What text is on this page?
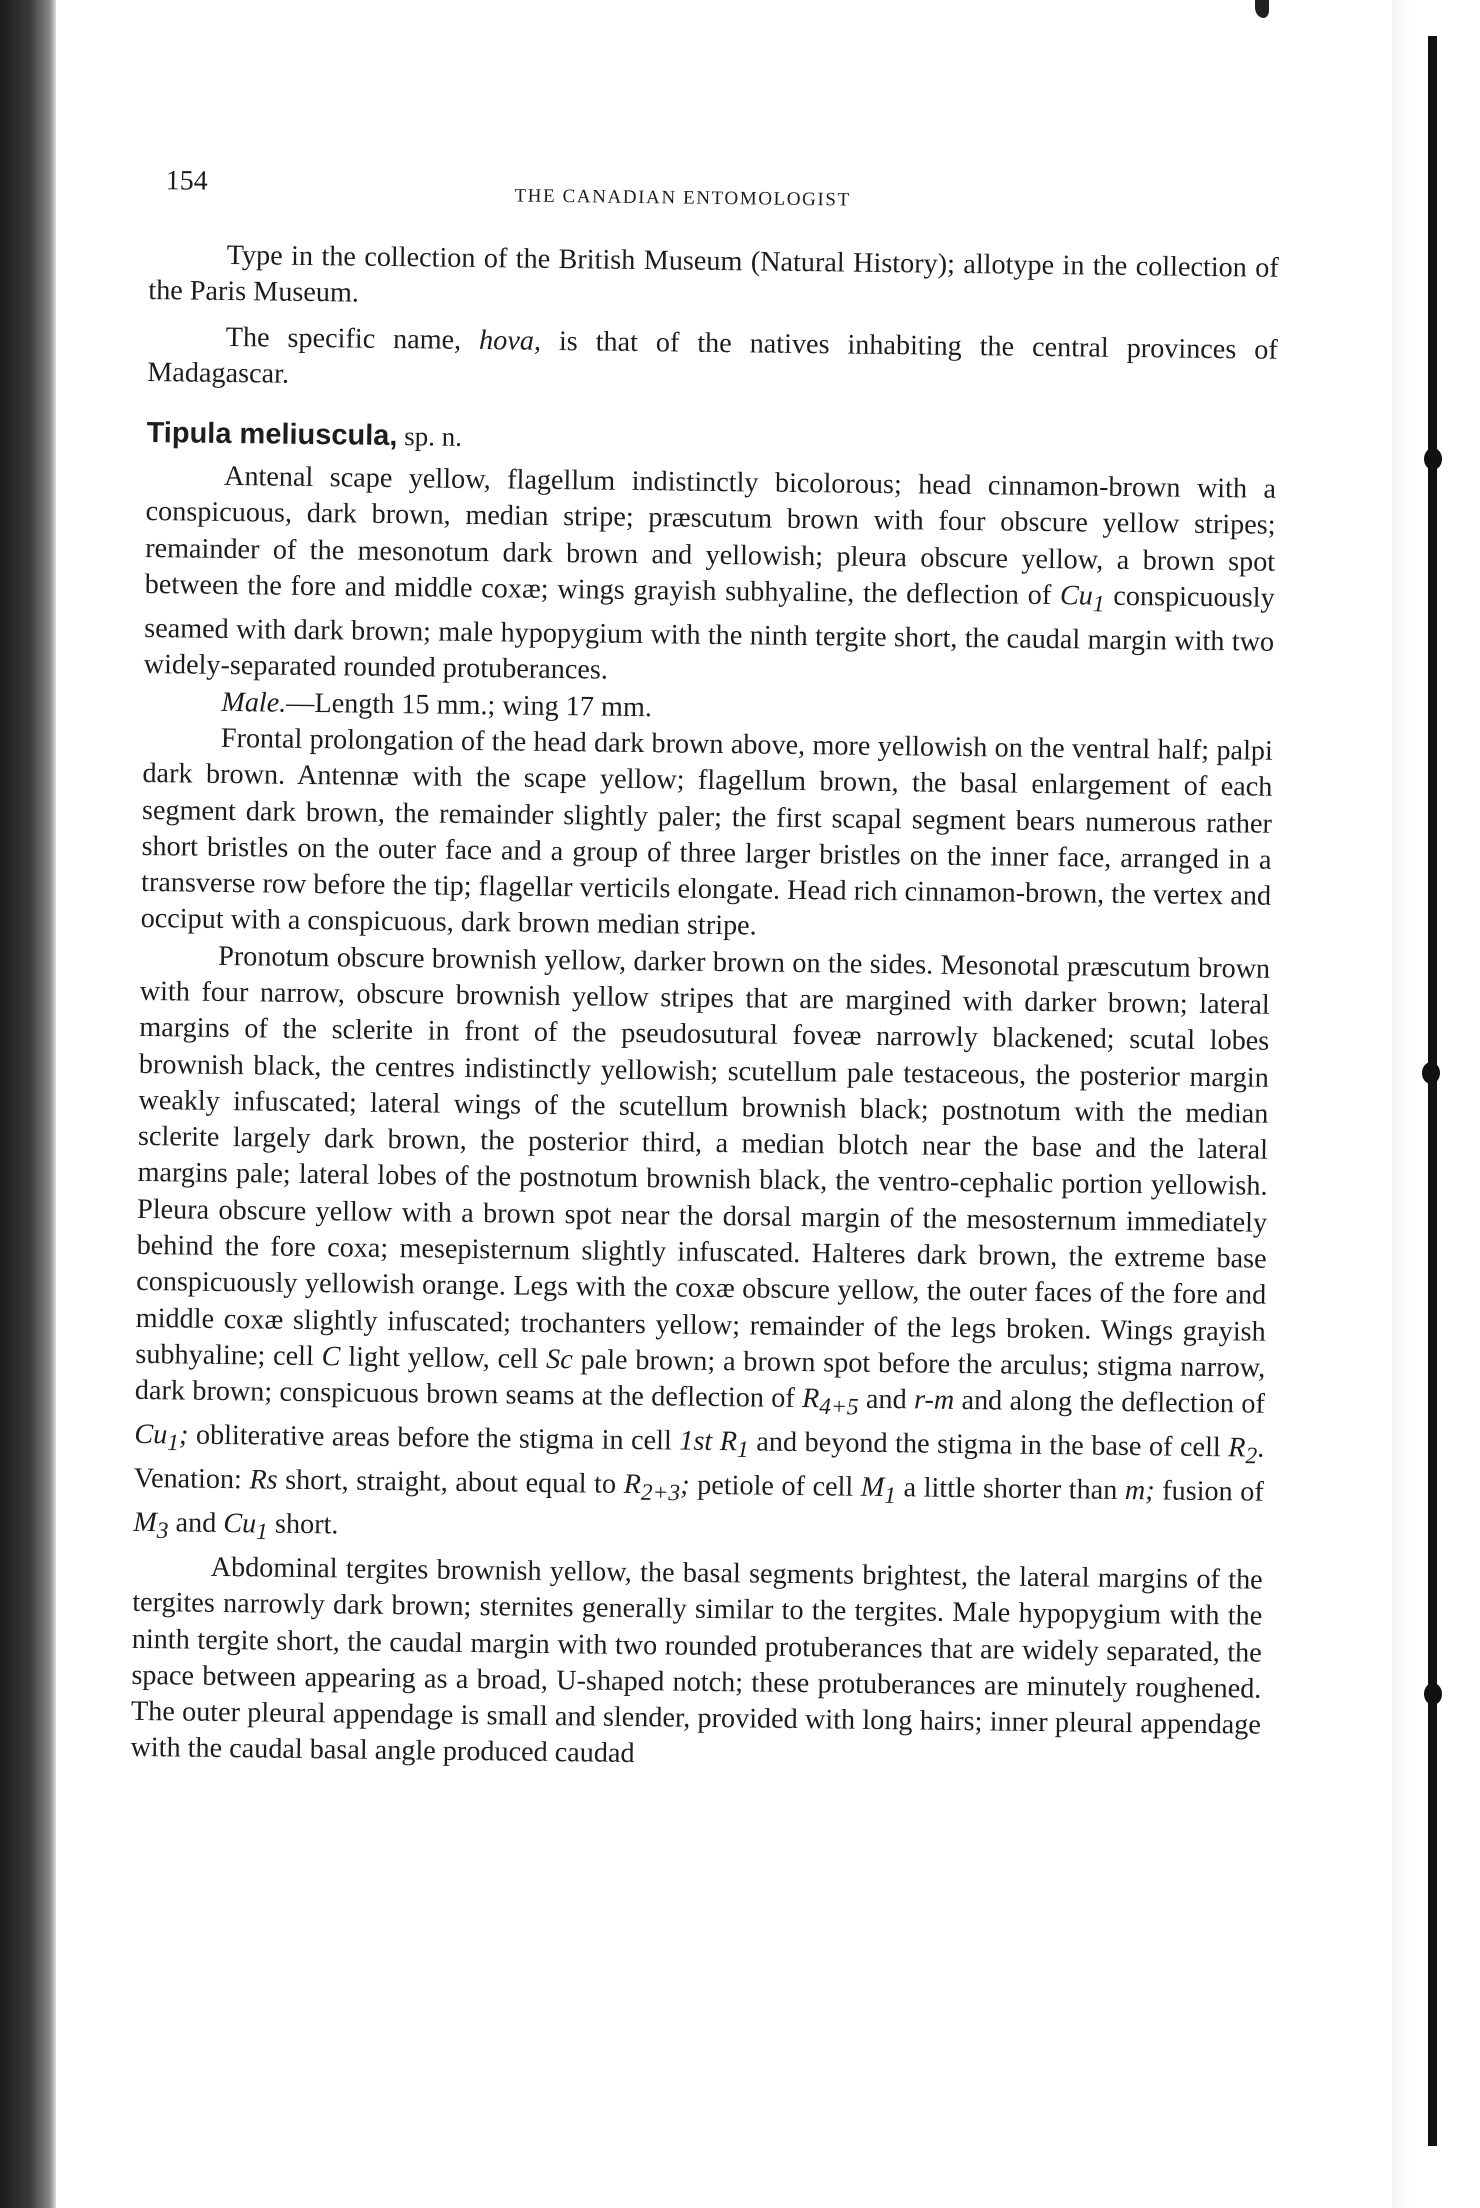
154
THE CANADIAN ENTOMOLOGIST

Type in the collection of the British Museum (Natural History); allotype in the collection of the Paris Museum.

The specific name, hova, is that of the natives inhabiting the central provinces of Madagascar.

Tipula meliuscula, sp. n.

Antenal scape yellow, flagellum indistinctly bicolorous; head cinnamon-brown with a conspicuous, dark brown, median stripe; præscutum brown with four obscure yellow stripes; remainder of the mesonotum dark brown and yellowish; pleura obscure yellow, a brown spot between the fore and middle coxæ; wings grayish subhyaline, the deflection of $Cu_1$ conspicuously seamed with dark brown; male hypopygium with the ninth tergite short, the caudal margin with two widely-separated rounded protuberances.

Male.—Length 15 mm.; wing 17 mm.

Frontal prolongation of the head dark brown above, more yellowish on the ventral half; palpi dark brown. Antennæ with the scape yellow; flagellum brown, the basal enlargement of each segment dark brown, the remainder slightly paler; the first scapal segment bears numerous rather short bristles on the outer face and a group of three larger bristles on the inner face, arranged in a transverse row before the tip; flagellar verticils elongate. Head rich cinnamon-brown, the vertex and occiput with a conspicuous, dark brown median stripe.

Pronotum obscure brownish yellow, darker brown on the sides. Mesonotal præscutum brown with four narrow, obscure brownish yellow stripes that are margined with darker brown; lateral margins of the sclerite in front of the pseudosutural foveæ narrowly blackened; scutal lobes brownish black, the centres indistinctly yellowish; scutellum pale testaceous, the posterior margin weakly infuscated; lateral wings of the scutellum brownish black; postnotum with the median sclerite largely dark brown, the posterior third, a median blotch near the base and the lateral margins pale; lateral lobes of the postnotum brownish black, the ventro-cephalic portion yellowish. Pleura obscure yellow with a brown spot near the dorsal margin of the mesosternum immediately behind the fore coxa; mesepisternum slightly infuscated. Halteres dark brown, the extreme base conspicuously yellowish orange. Legs with the coxæ obscure yellow, the outer faces of the fore and middle coxæ slightly infuscated; trochanters yellow; remainder of the legs broken. Wings grayish subhyaline; cell C light yellow, cell Sc pale brown; a brown spot before the arculus; stigma narrow, dark brown; conspicuous brown seams at the deflection of $R_{4+5}$ and r-m and along the deflection of $Cu_1$; obliterative areas before the stigma in cell 1st $R_1$ and beyond the stigma in the base of cell $R_2$. Venation: Rs short, straight, about equal to $R_{2+3}$; petiole of cell $M_1$ a little shorter than m; fusion of $M_3$ and $Cu_1$ short.

Abdominal tergites brownish yellow, the basal segments brightest, the lateral margins of the tergites narrowly dark brown; sternites generally similar to the tergites. Male hypopygium with the ninth tergite short, the caudal margin with two rounded protuberances that are widely separated, the space between appearing as a broad, U-shaped notch; these protuberances are minutely roughened. The outer pleural appendage is small and slender, provided with long hairs; inner pleural appendage with the caudal basal angle produced caudad
